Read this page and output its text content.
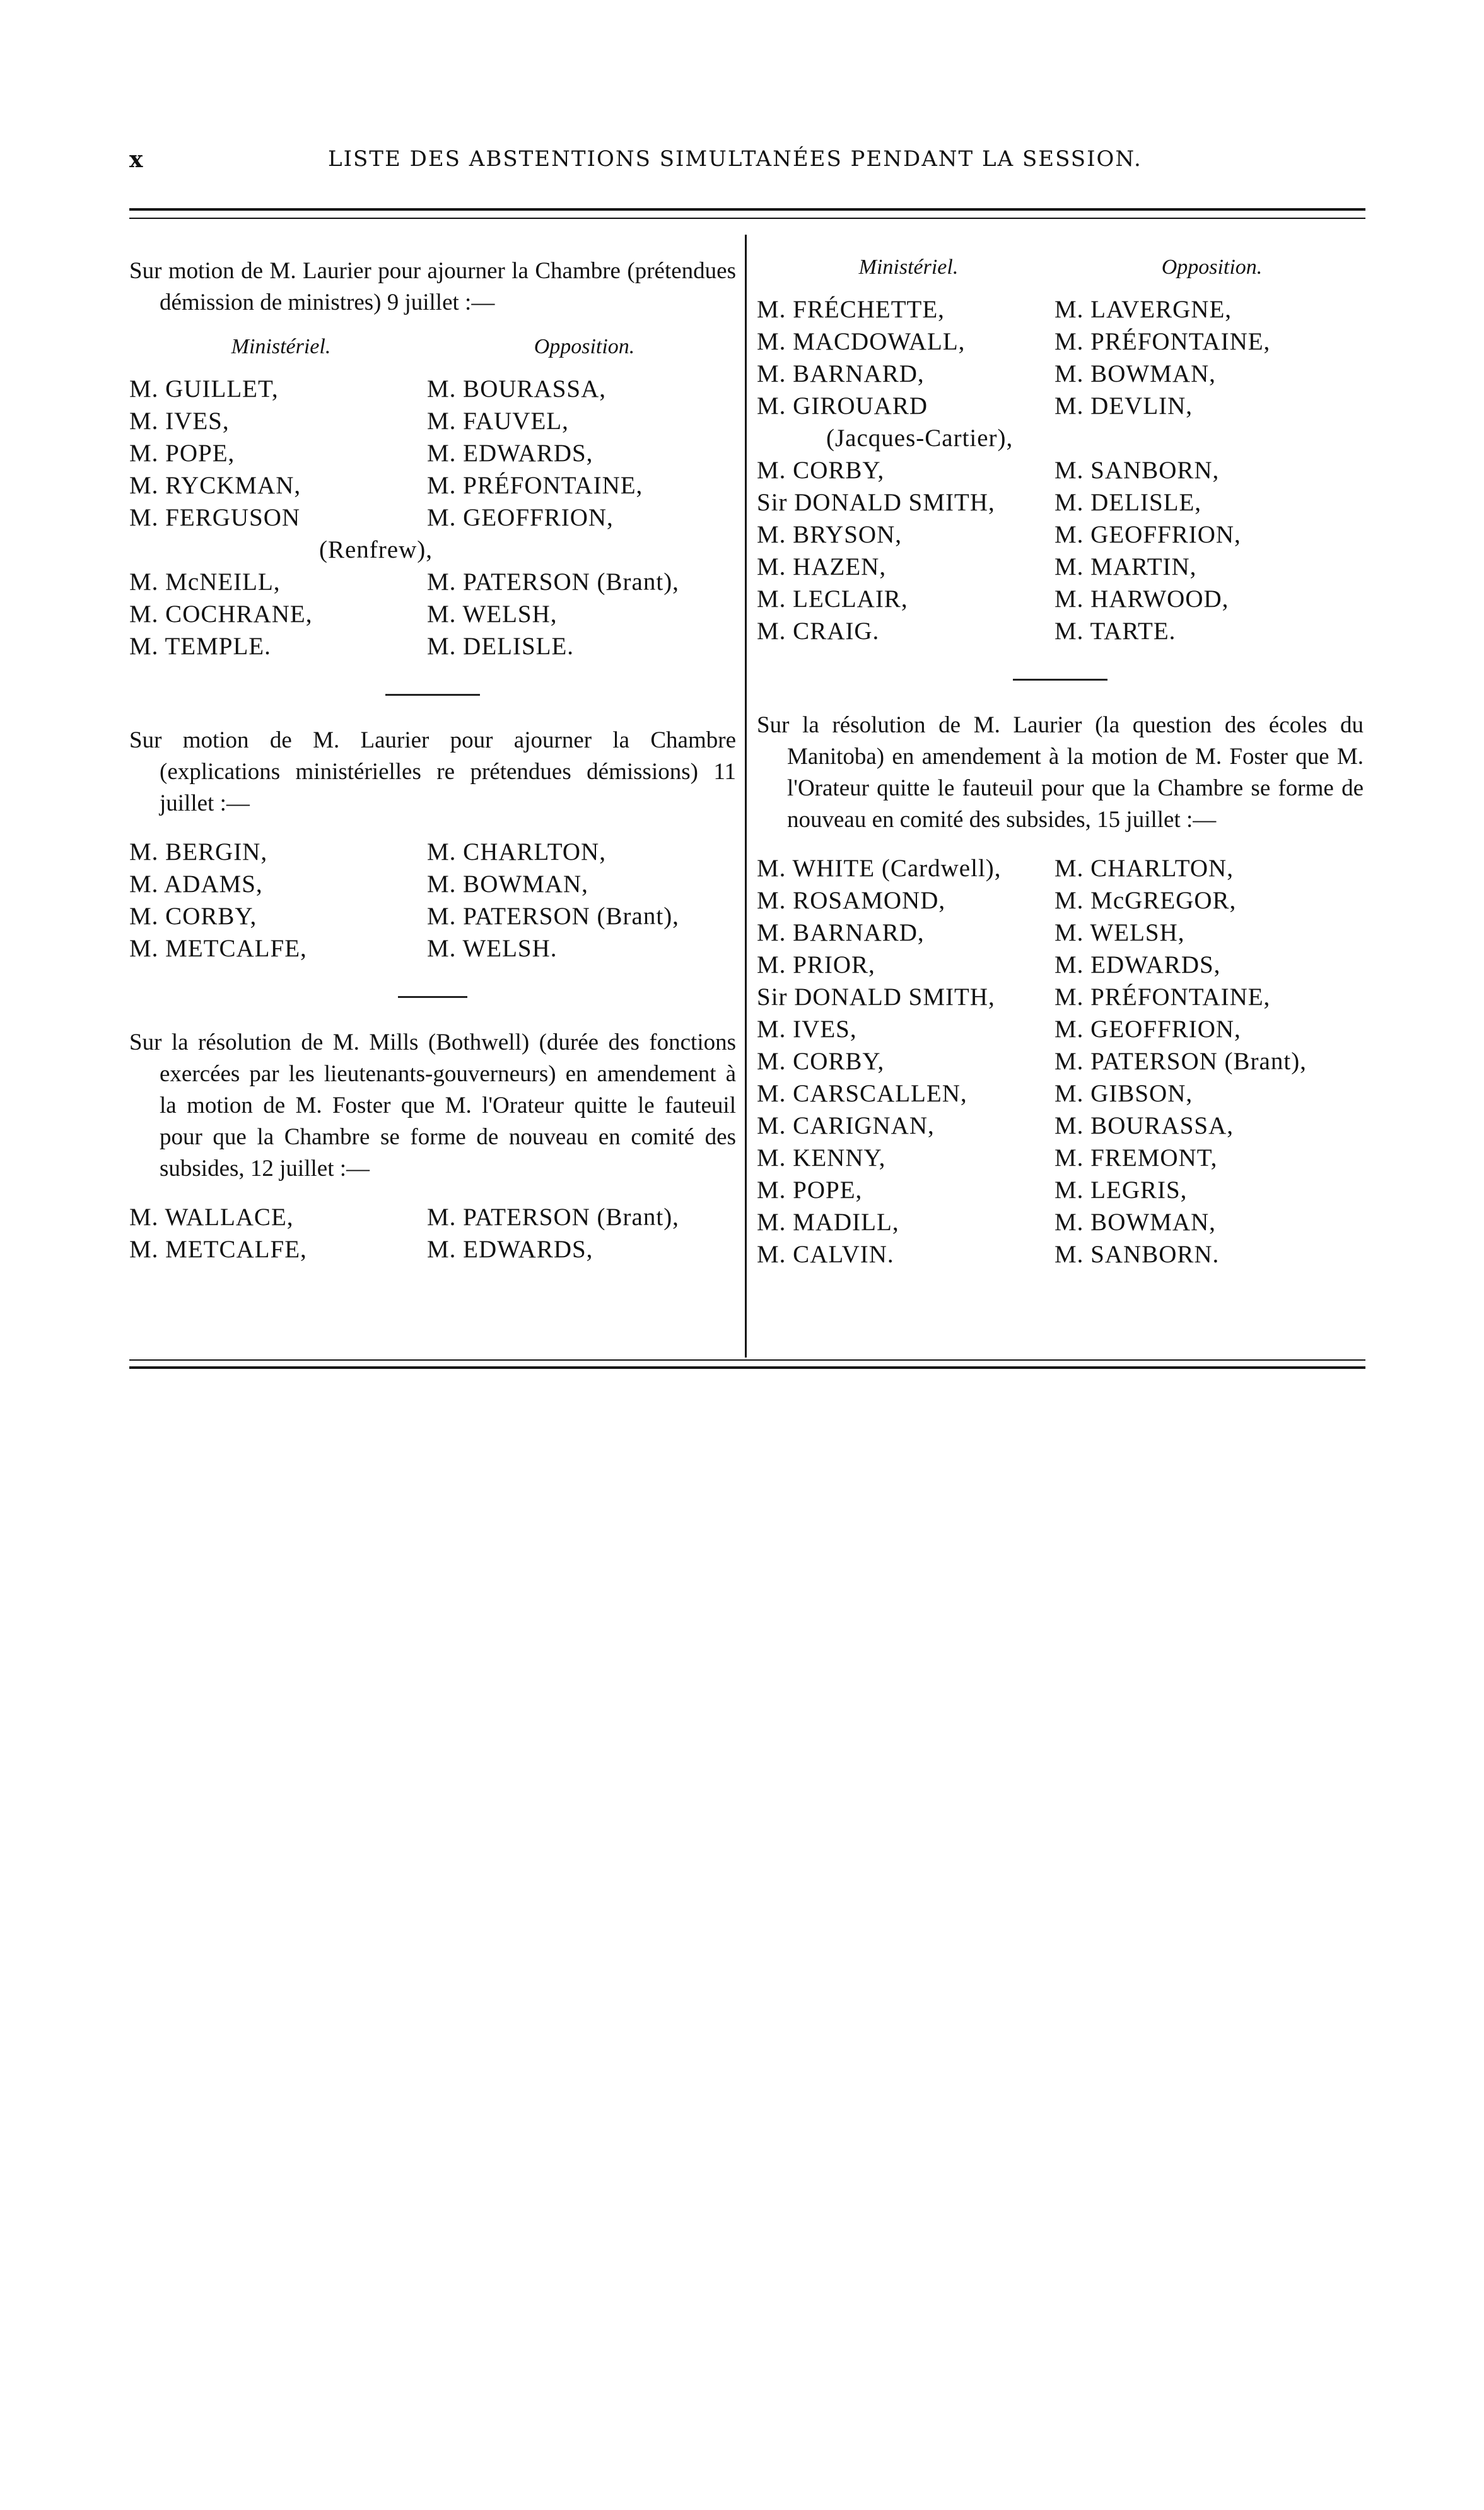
x	LISTE DES ABSTENTIONS SIMULTANÉES PENDANT LA SESSION.

Sur motion de M. Laurier pour ajourner la Chambre (prétendues démission de ministres) 9 juillet :—

Ministériel.	Opposition.
M. GUILLET,	M. BOURASSA,
M. IVES,	M. FAUVEL,
M. POPE,	M. EDWARDS,
M. RYCKMAN,	M. PRÉFONTAINE,
M. FERGUSON	M. GEOFFRION,
(Renfrew),
M. McNEILL,	M. PATERSON (Brant),
M. COCHRANE,	M. WELSH,
M. TEMPLE.	M. DELISLE.

Sur motion de M. Laurier pour ajourner la Chambre (explications ministérielles re prétendues démissions) 11 juillet :—

M. BERGIN,	M. CHARLTON,
M. ADAMS,	M. BOWMAN,
M. CORBY,	M. PATERSON (Brant),
M. METCALFE,	M. WELSH.

Sur la résolution de M. Mills (Bothwell) (durée des fonctions exercées par les lieutenants-gouverneurs) en amendement à la motion de M. Foster que M. l'Orateur quitte le fauteuil pour que la Chambre se forme de nouveau en comité des subsides, 12 juillet :—

M. WALLACE,	M. PATERSON (Brant),
M. METCALFE,	M. EDWARDS,
Ministériel.	Opposition.
M. FRÉCHETTE,	M. LAVERGNE,
M. MACDOWALL,	M. PRÉFONTAINE,
M. BARNARD,	M. BOWMAN,
M. GIROUARD	M. DEVLIN,
(Jacques-Cartier),
M. CORBY,	M. SANBORN,
Sir DONALD SMITH,	M. DELISLE,
M. BRYSON,	M. GEOFFRION,
M. HAZEN,	M. MARTIN,
M. LECLAIR,	M. HARWOOD,
M. CRAIG.	M. TARTE.

Sur la résolution de M. Laurier (la question des écoles du Manitoba) en amendement à la motion de M. Foster que M. l'Orateur quitte le fauteuil pour que la Chambre se forme de nouveau en comité des subsides, 15 juillet :—

M. WHITE (Cardwell),	M. CHARLTON,
M. ROSAMOND,	M. McGREGOR,
M. BARNARD,	M. WELSH,
M. PRIOR,	M. EDWARDS,
Sir DONALD SMITH,	M. PRÉFONTAINE,
M. IVES,	M. GEOFFRION,
M. CORBY,	M. PATERSON (Brant),
M. CARSCALLEN,	M. GIBSON,
M. CARIGNAN,	M. BOURASSA,
M. KENNY,	M. FREMONT,
M. POPE,	M. LEGRIS,
M. MADILL,	M. BOWMAN,
M. CALVIN.	M. SANBORN.
